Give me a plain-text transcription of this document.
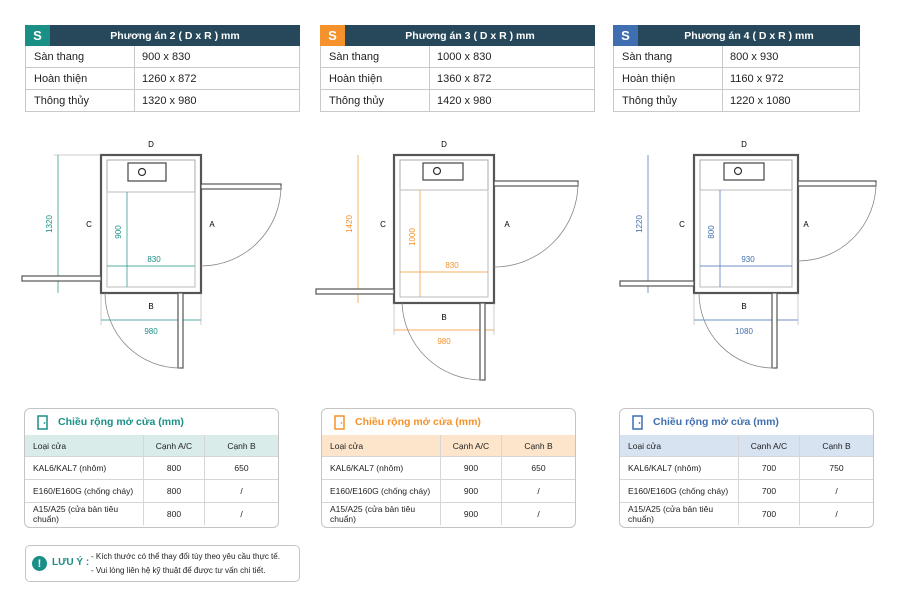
S	Phương án 2 ( D x R ) mm
Sàn thang	900 x 830
Hoàn thiện	1260 x 872
Thông thủy	1320 x 980
S	Phương án 3 ( D x R ) mm
Sàn thang	1000 x 830
Hoàn thiện	1360 x 872
Thông thủy	1420 x 980
S	Phương án 4 ( D x R ) mm
Sàn thang	800 x 930
Hoàn thiện	1160 x 972
Thông thủy	1220 x 1080
D
A
B
C
1320	900
830
980
D
A
B
C
1420
1000
830
980
D
A
B
C
1220	800
930
1080
Chiều rộng mở cửa (mm)
Loại cửa	Cạnh A/C	Cạnh B
KAL6/KAL7 (nhôm)	800	650
E160/E160G (chống cháy)	800	/
A15/A25 (cửa bản tiêu chuẩn)	800	/
Chiều rộng mở cửa (mm)
Loại cửa	Cạnh A/C	Cạnh B
KAL6/KAL7 (nhôm)	900	650
E160/E160G (chống cháy)	900	/
A15/A25 (cửa bản tiêu chuẩn)	900	/
Chiều rộng mở cửa (mm)
Loại cửa	Cạnh A/C	Cạnh B
KAL6/KAL7 (nhôm)	700	750
E160/E160G (chống cháy)	700	/
A15/A25 (cửa bản tiêu chuẩn)	700	/
!	LƯU Ý :
- Kích thước có thể thay đổi tùy theo yêu cầu thực tế.
- Vui lòng liên hệ kỹ thuật để được tư vấn chi tiết.
